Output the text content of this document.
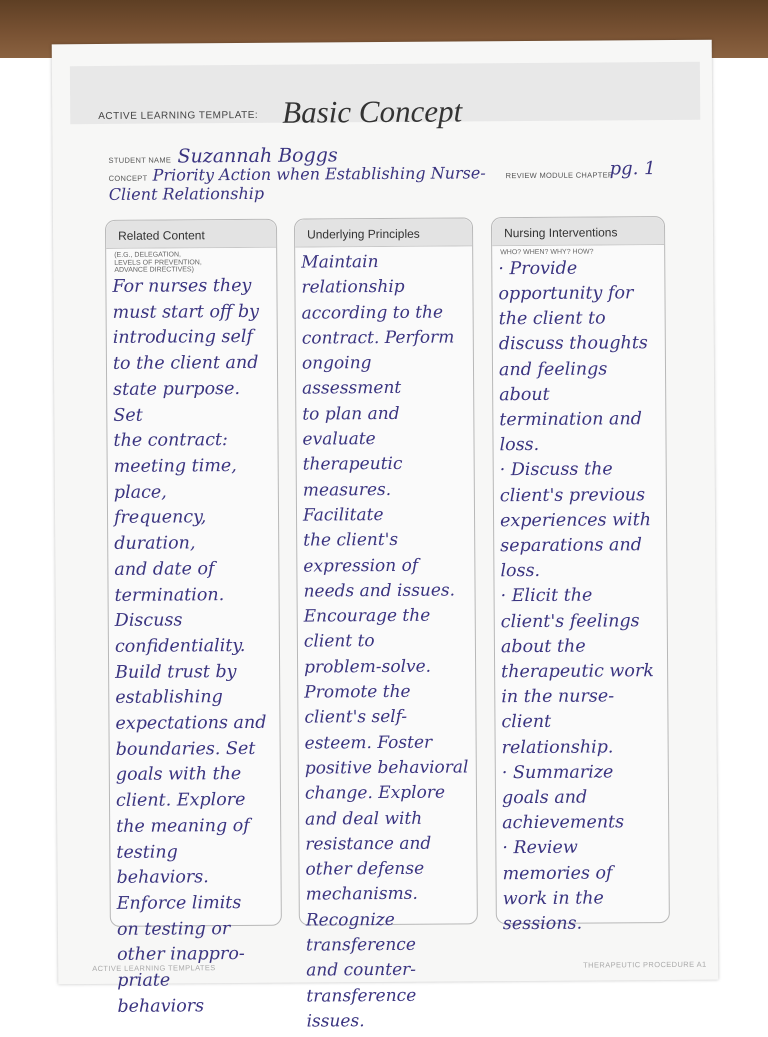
ACTIVE LEARNING TEMPLATE: Basic Concept
STUDENT NAME Suzannah Boggs
CONCEPT Priority Action when Establishing Nurse-
Client Relationship
REVIEW MODULE CHAPTER
pg. 1
Related Content
(E.G., DELEGATION,
LEVELS OF PREVENTION,
ADVANCE DIRECTIVES)
For nurses they
must start off by
introducing self
to the client and
state purpose. Set
the contract:
meeting time, place,
frequency, duration,
and date of
termination. Discuss
confidentiality.
Build trust by
establishing
expectations and
boundaries. Set
goals with the
client. Explore
the meaning of
testing behaviors.
Enforce limits
on testing or
other inappro-
priate
behaviors
Underlying Principles
Maintain relationship
according to the
contract. Perform
ongoing assessment
to plan and
evaluate therapeutic
measures. Facilitate
the client's
expression of
needs and issues.
Encourage the
client to
problem-solve.
Promote the
client's self-
esteem. Foster
positive behavioral
change. Explore
and deal with
resistance and
other defense
mechanisms.
Recognize
transference
and counter-
transference
issues.
Nursing Interventions
WHO? WHEN? WHY? HOW?
· Provide
opportunity for
the client to
discuss thoughts
and feelings about
termination and
loss.
· Discuss the
client's previous
experiences with
separations and
loss.
· Elicit the
client's feelings
about the
therapeutic work
in the nurse-
client
relationship.
· Summarize
goals and
achievements
· Review
memories of
work in the
sessions.
ACTIVE LEARNING TEMPLATES	THERAPEUTIC PROCEDURE A1
